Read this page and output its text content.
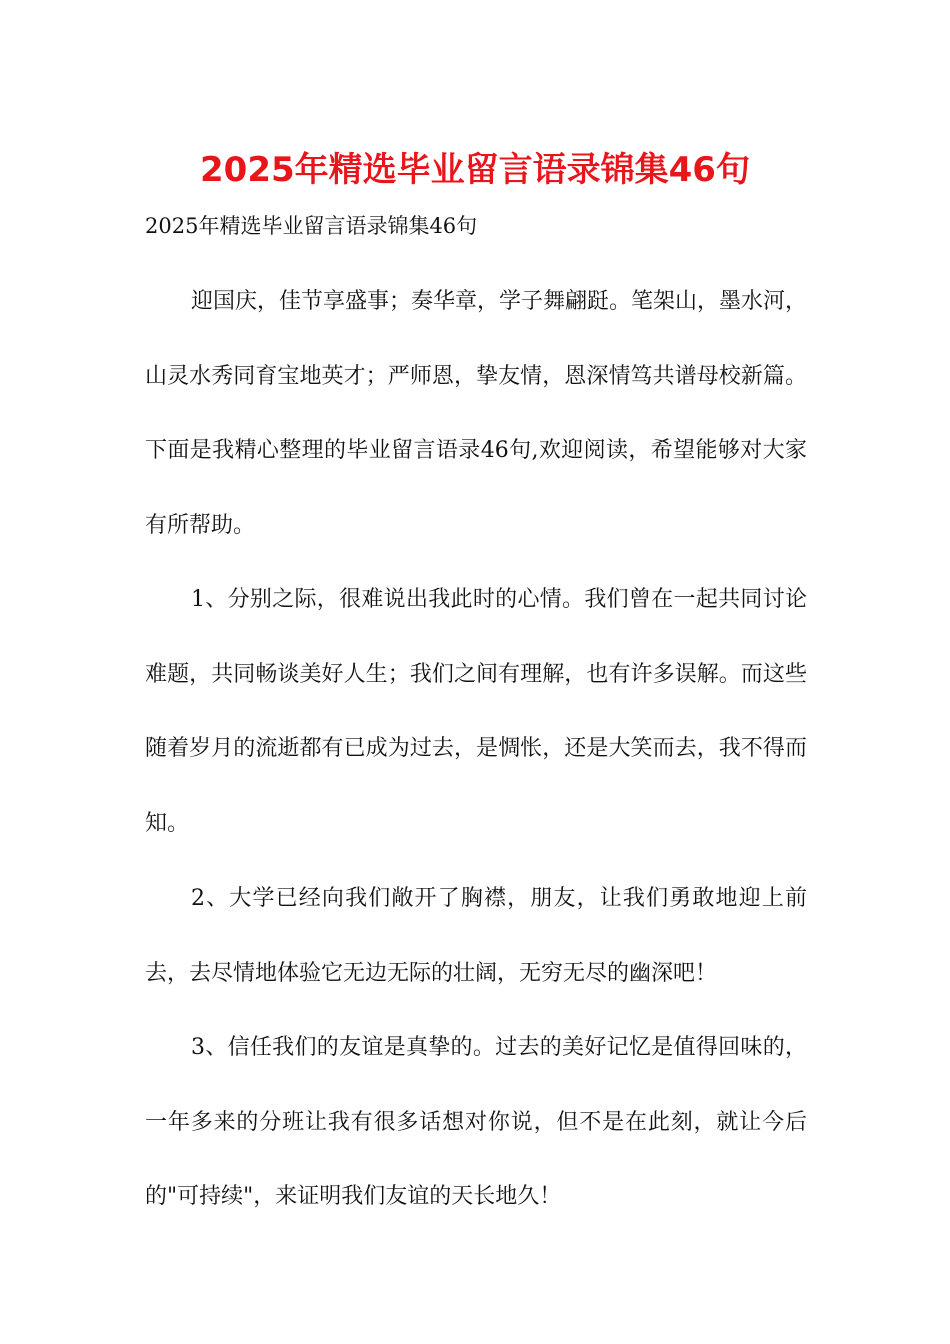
2025年精选毕业留言语录锦集46句
2025年精选毕业留言语录锦集46句

迎国庆，佳节享盛事；奏华章，学子舞翩跹。笔架山，墨水河，山灵水秀同育宝地英才；严师恩，挚友情，恩深情笃共谱母校新篇。下面是我精心整理的毕业留言语录46句,欢迎阅读，希望能够对大家有所帮助。

1、分别之际，很难说出我此时的心情。我们曾在一起共同讨论难题，共同畅谈美好人生；我们之间有理解，也有许多误解。而这些随着岁月的流逝都有已成为过去，是惆怅，还是大笑而去，我不得而知。

2、大学已经向我们敞开了胸襟，朋友，让我们勇敢地迎上前去，去尽情地体验它无边无际的壮阔，无穷无尽的幽深吧！

3、信任我们的友谊是真挚的。过去的美好记忆是值得回味的，一年多来的分班让我有很多话想对你说，但不是在此刻，就让今后的"可持续"，来证明我们友谊的天长地久！
